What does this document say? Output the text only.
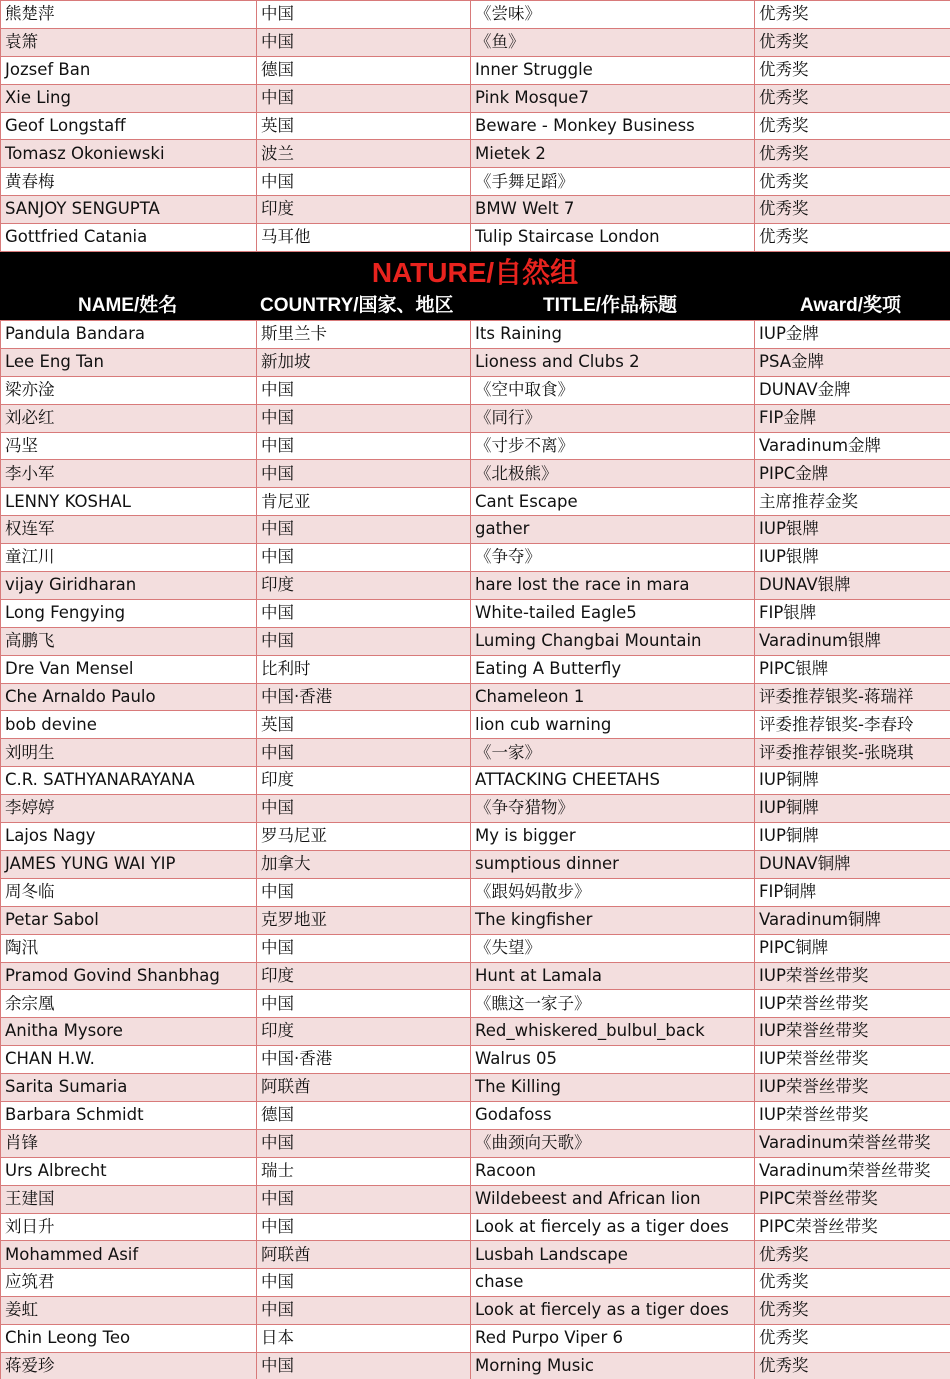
熊楚萍	中国	《尝味》	优秀奖
袁箫	中国	《鱼》	优秀奖
Jozsef Ban	德国	Inner Struggle	优秀奖
Xie Ling	中国	Pink Mosque7	优秀奖
Geof Longstaff	英国	Beware - Monkey Business	优秀奖
Tomasz Okoniewski	波兰	Mietek 2	优秀奖
黄春梅	中国	《手舞足蹈》	优秀奖
SANJOY SENGUPTA	印度	BMW Welt 7	优秀奖
Gottfried Catania	马耳他	Tulip Staircase London	优秀奖
NATURE/自然组
NAME/姓名	COUNTRY/国家、地区	TITLE/作品标题	Award/奖项
Pandula Bandara	斯里兰卡	Its Raining	IUP金牌
Lee Eng Tan	新加坡	Lioness and Clubs 2	PSA金牌
梁亦淦	中国	《空中取食》	DUNAV金牌
刘必红	中国	《同行》	FIP金牌
冯坚	中国	《寸步不离》	Varadinum金牌
李小军	中国	《北极熊》	PIPC金牌
LENNY KOSHAL	肯尼亚	Cant Escape	主席推荐金奖
权连军	中国	gather	IUP银牌
童江川	中国	《争夺》	IUP银牌
vijay Giridharan	印度	hare lost the race in mara	DUNAV银牌
Long Fengying	中国	White-tailed Eagle5	FIP银牌
高鹏飞	中国	Luming Changbai Mountain	Varadinum银牌
Dre Van Mensel	比利时	Eating A Butterfly	PIPC银牌
Che Arnaldo Paulo	中国·香港	Chameleon 1	评委推荐银奖-蒋瑞祥
bob devine	英国	lion cub warning	评委推荐银奖-李春玲
刘明生	中国	《一家》	评委推荐银奖-张晓琪
C.R. SATHYANARAYANA	印度	ATTACKING CHEETAHS	IUP铜牌
李婷婷	中国	《争夺猎物》	IUP铜牌
Lajos Nagy	罗马尼亚	My is bigger	IUP铜牌
JAMES YUNG WAI YIP	加拿大	sumptious dinner	DUNAV铜牌
周冬临	中国	《跟妈妈散步》	FIP铜牌
Petar Sabol	克罗地亚	The kingfisher	Varadinum铜牌
陶汛	中国	《失望》	PIPC铜牌
Pramod Govind Shanbhag	印度	Hunt at Lamala	IUP荣誉丝带奖
余宗凰	中国	《瞧这一家子》	IUP荣誉丝带奖
Anitha Mysore	印度	Red_whiskered_bulbul_back	IUP荣誉丝带奖
CHAN H.W.	中国·香港	Walrus 05	IUP荣誉丝带奖
Sarita Sumaria	阿联酋	The Killing	IUP荣誉丝带奖
Barbara Schmidt	德国	Godafoss	IUP荣誉丝带奖
肖锋	中国	《曲颈向天歌》	Varadinum荣誉丝带奖
Urs Albrecht	瑞士	Racoon	Varadinum荣誉丝带奖
王建国	中国	Wildebeest and African lion	PIPC荣誉丝带奖
刘日升	中国	Look at fiercely as a tiger does	PIPC荣誉丝带奖
Mohammed Asif	阿联酋	Lusbah Landscape	优秀奖
应筑君	中国	chase	优秀奖
姜虹	中国	Look at fiercely as a tiger does	优秀奖
Chin Leong Teo	日本	Red Purpo Viper 6	优秀奖
蒋爱珍	中国	Morning Music	优秀奖
